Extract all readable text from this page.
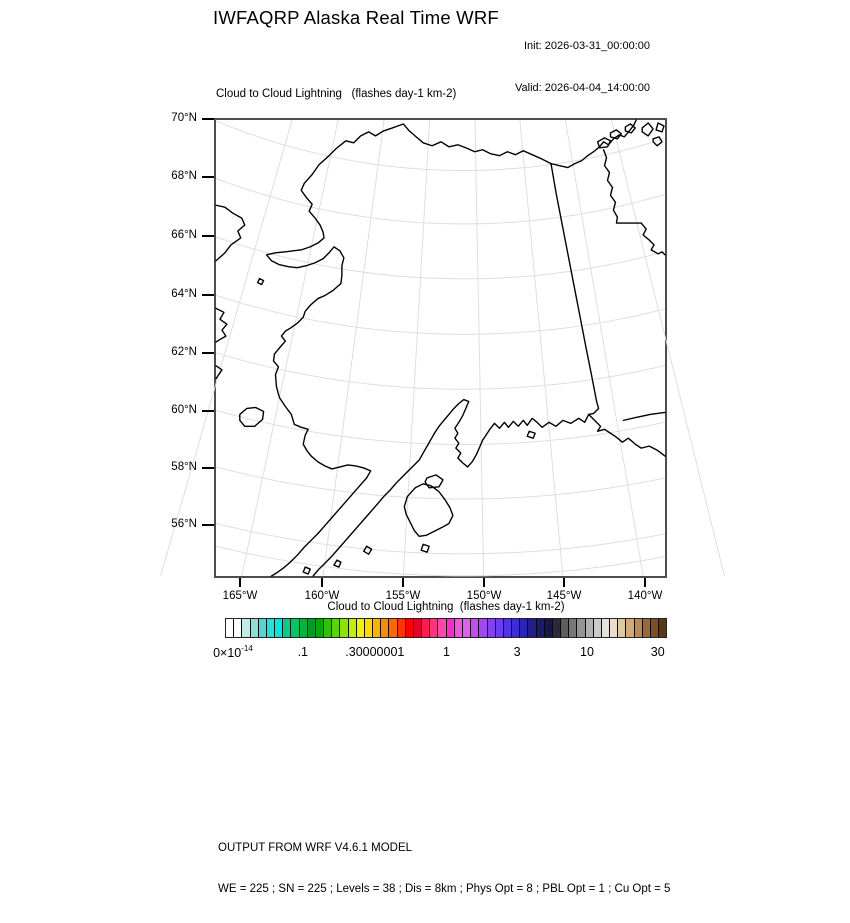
IWFAQRP Alaska Real Time WRF

Init: 2026-03-31_00:00:00

Valid: 2026-04-04_14:00:00

Cloud to Cloud Lightning   (flashes day-1 km-2)
70°N
68°N
66°N
64°N
62°N
60°N
58°N
56°N
165°W	160°W	155°W	150°W	145°W	140°W
Cloud to Cloud Lightning  (flashes day-1 km-2)
$0\times 10^{-14}$	.1	.30000001	1	3	10	30

OUTPUT FROM WRF V4.6.1 MODEL

WE = 225 ; SN = 225 ; Levels = 38 ; Dis = 8km ; Phys Opt = 8 ; PBL Opt = 1 ; Cu Opt = 5
